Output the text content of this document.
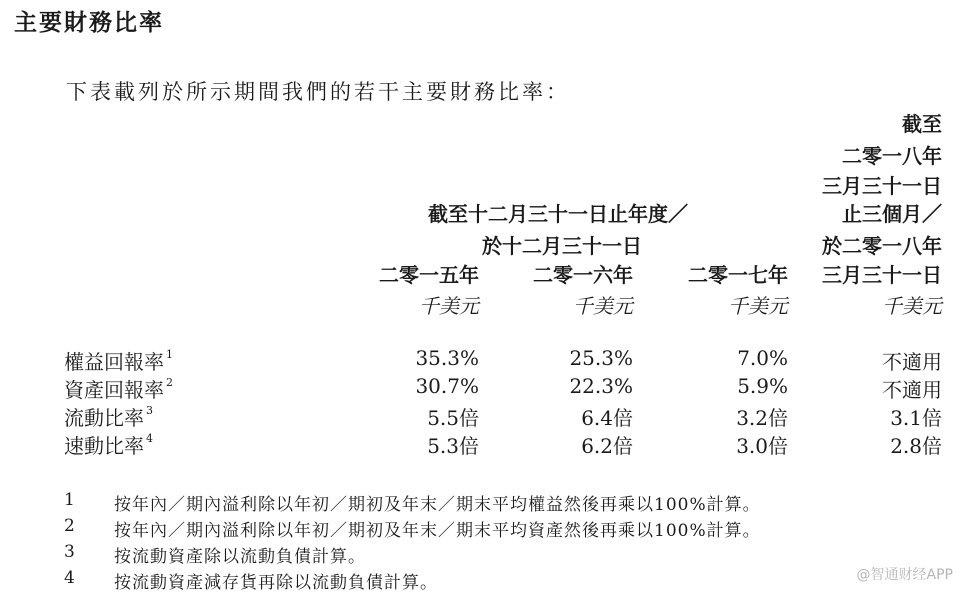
主要財務比率
下表載列於所示期間我們的若干主要財務比率：
截至十二月三十一日止年度／
於十二月三十一日
二零一五年	二零一六年	二零一七年
截至
二零一八年
三月三十一日
止三個月／
於二零一八年
三月三十一日
千美元	千美元	千美元	千美元
權益回報率 $^1$	35.3%	25.3%	7.0%	不適用
資產回報率 $^2$	30.7%	22.3%	5.9%	不適用
流動比率 $^3$	5.5倍	6.4倍	3.2倍	3.1倍
速動比率 $^4$	5.3倍	6.2倍	3.0倍	2.8倍
1 按年內／期內溢利除以年初／期初及年末／期末平均權益然後再乘以100%計算。
2 按年內／期內溢利除以年初／期初及年末／期末平均資產然後再乘以100%計算。
3 按流動資產除以流動負債計算。
4 按流動資產減存貨再除以流動負債計算。	@智通财经APP
